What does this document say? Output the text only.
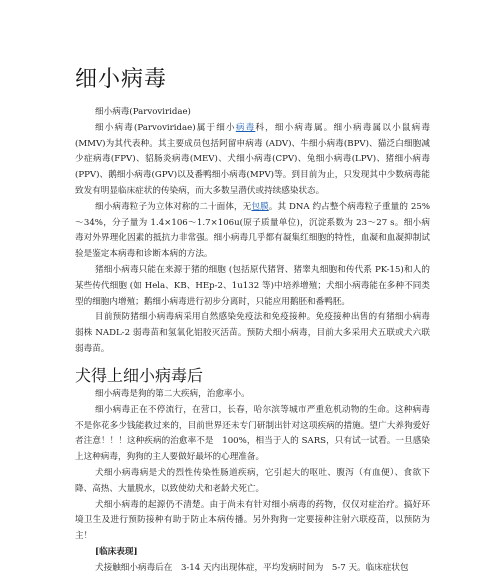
细小病毒

细小病毒(Parvoviridae)

细小病毒(Parvoviridae)属于细小病毒科，细小病毒属。细小病毒属以小鼠病毒 (MMV)为其代表种。其主要成员包括阿留申病毒 (ADV)、牛细小病毒(BPV)、猫泛白细胞减少症病毒(FPV)、貂肠炎病毒(MEV)、犬细小病毒(CPV)、兔细小病毒(LPV)、猪细小病毒(PPV)、鹅细小病毒(GPV)以及番鸭细小病毒(MPV)等。到目前为止，只发现其中少数病毒能致发有明显临床症状的传染病，而大多数呈潜伏或持续感染状态。

细小病毒粒子为立体对称的二十面体，无包膜。其 DNA 约占整个病毒粒子重量的 25%～34%，分子量为 1.4×106～1.7×106u(原子质量单位)，沉淀系数为 23～27 s。细小病毒对外界理化因素的抵抗力非常强。细小病毒几乎都有凝集红细胞的特性，血凝和血凝抑制试验是鉴定本病毒和诊断本病的方法。

猪细小病毒只能在来源于猪的细胞 (包括原代猪肾、猪睾丸细胞和传代系 PK-15)和人的某些传代细胞 (如 Hela、KB、HEp-2、1u132 等)中培养增殖；犬细小病毒能在多种不同类型的细胞内增殖；鹅细小病毒进行初步分离时，只能应用鹅胚和番鸭胚。

目前预防猪细小病毒病采用自然感染免疫法和免疫接种。免疫接种出售的有猪细小病毒弱株 NADL-2 弱毒苗和氢氧化铝胶灭活苗。预防犬细小病毒，目前大多采用犬五联或犬六联弱毒苗。

犬得上细小病毒后

细小病毒是狗的第二大疾病，治愈率小。

细小病毒正在不停流行，在营口，长春，哈尔滨等城市严重危机动物的生命。这种病毒不是你花多少钱能救过来的，目前世界还未专门研制出针对这项疾病的措施。望广大养狗爱好者注意！！！这种疾病的治愈率不是　100%，相当于人的 SARS，只有试一试看。一旦感染上这种病毒，狗狗的主人要做好最坏的心理准备。

犬细小病毒病是犬的烈性传染性肠道疾病，它引起大的呕吐、腹泻（有血便）、食欲下降、高热、大量脱水，以致使幼犬和老龄犬死亡。

犬细小病毒的起源仍不清楚。由于尚未有针对细小病毒的药物，仅仅对症治疗。搞好环境卫生及进行预防接种有助于防止本病传播。另外狗狗一定要接种注射六联疫苗，以预防为主！

[临床表现]

犬接触细小病毒后在　3-14 天内出现体症，平均发病时间为　5-7 天。临床症状包
